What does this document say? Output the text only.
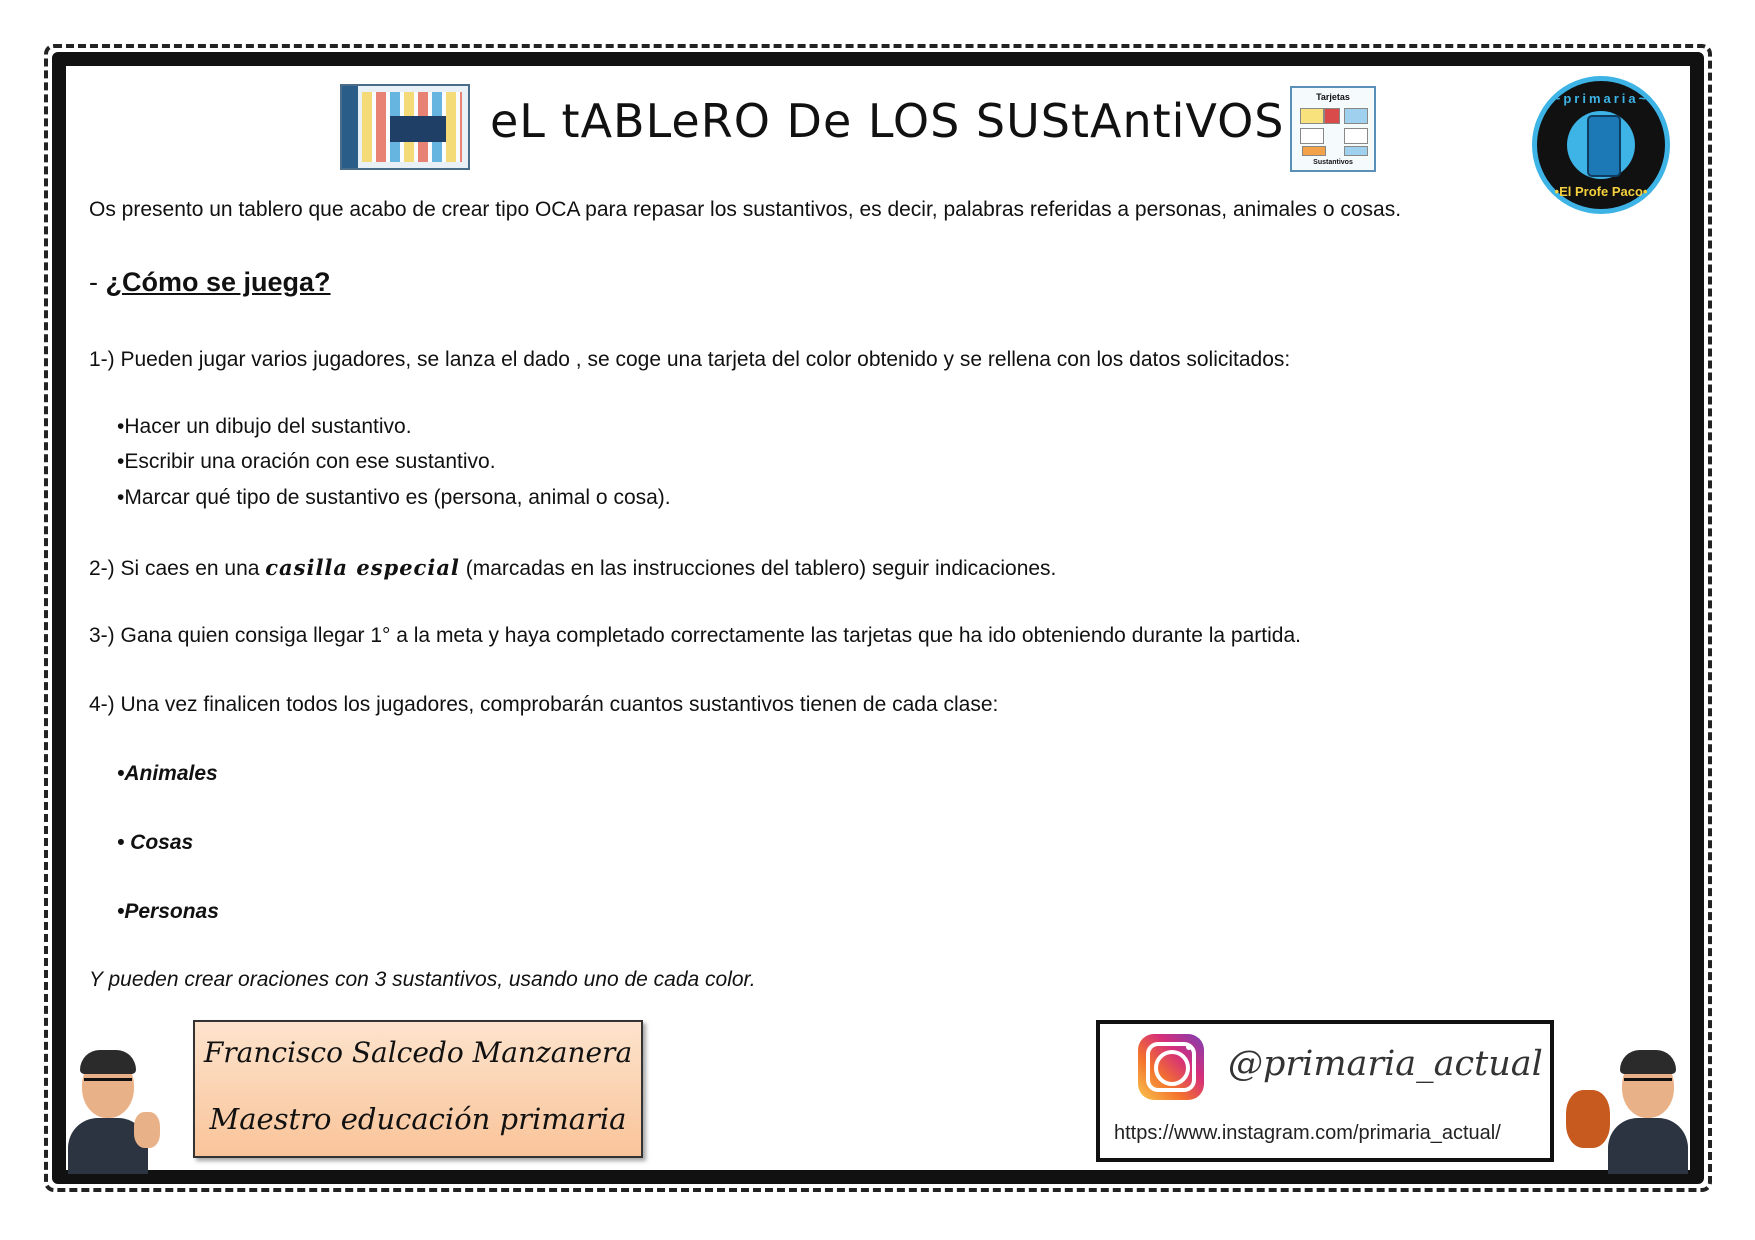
eL tABLeRO De LOS SUStAntiVOS	Tarjetas
Sustantivos
~primaria~
•El Profe Paco•
Os presento un tablero que acabo de crear tipo OCA para repasar los sustantivos, es decir, palabras referidas a personas, animales o cosas.
- ¿Cómo se juega?
1-) Pueden jugar varios jugadores, se lanza el dado , se coge una tarjeta del color obtenido y se rellena con los datos solicitados:
•Hacer un dibujo del sustantivo.
•Escribir una oración con ese sustantivo.
•Marcar qué tipo de sustantivo es (persona, animal o cosa).
2-) Si caes en una casilla especial (marcadas en las instrucciones del tablero) seguir indicaciones.
3-) Gana quien consiga llegar 1° a la meta y haya completado correctamente las tarjetas que ha ido obteniendo durante la partida.
4-) Una vez finalicen todos los jugadores, comprobarán cuantos sustantivos tienen de cada clase:
•Animales
• Cosas
•Personas
Y pueden crear oraciones con 3 sustantivos, usando uno de cada color.
Francisco Salcedo Manzanera
Maestro educación primaria
@primaria_actual
https://www.instagram.com/primaria_actual/
